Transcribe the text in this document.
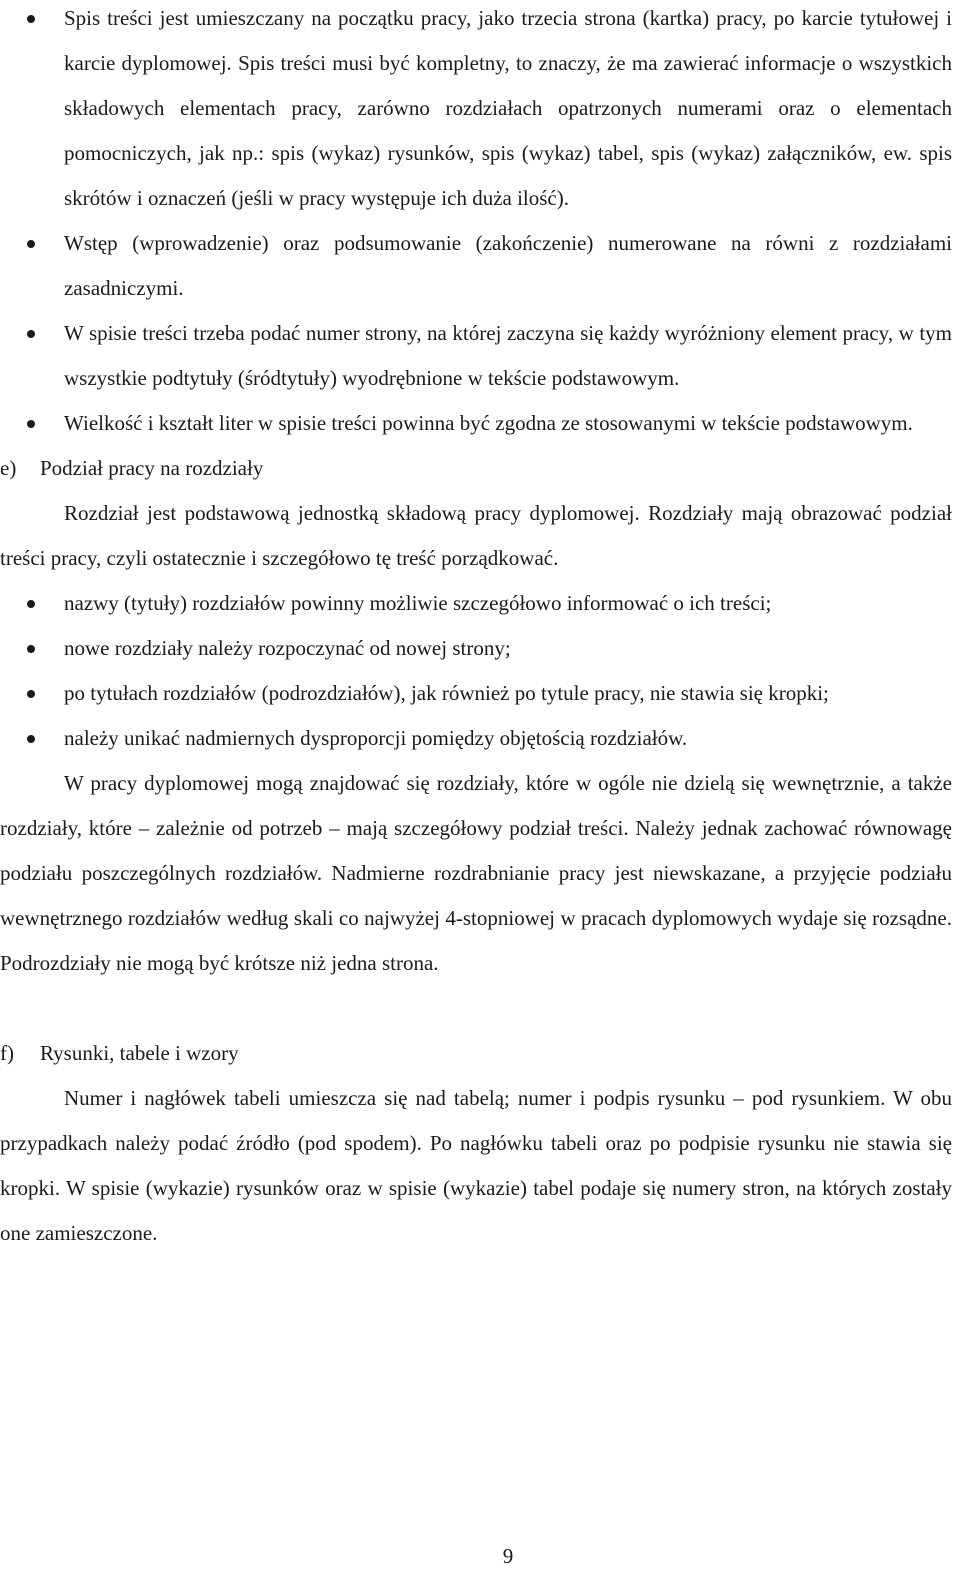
Spis treści jest umieszczany na początku pracy, jako trzecia strona (kartka) pracy, po karcie tytułowej i karcie dyplomowej. Spis treści musi być kompletny, to znaczy, że ma zawierać informacje o wszystkich składowych elementach pracy, zarówno rozdziałach opatrzonych numerami oraz o elementach pomocniczych, jak np.: spis (wykaz) rysunków, spis (wykaz) tabel, spis (wykaz) załączników, ew. spis skrótów i oznaczeń (jeśli w pracy występuje ich duża ilość).
Wstęp (wprowadzenie) oraz podsumowanie (zakończenie) numerowane na równi z rozdziałami zasadniczymi.
W spisie treści trzeba podać numer strony, na której zaczyna się każdy wyróżniony element pracy, w tym wszystkie podtytuły (śródtytuły) wyodrębnione w tekście podstawowym.
Wielkość i kształt liter w spisie treści powinna być zgodna ze stosowanymi w tekście podstawowym.
e)	Podział pracy na rozdziały

Rozdział jest podstawową jednostką składową pracy dyplomowej. Rozdziały mają obrazować podział treści pracy, czyli ostatecznie i szczegółowo tę treść porządkować.

nazwy (tytuły) rozdziałów powinny możliwie szczegółowo informować o ich treści;
nowe rozdziały należy rozpoczynać od nowej strony;
po tytułach rozdziałów (podrozdziałów), jak również po tytule pracy, nie stawia się kropki;
należy unikać nadmiernych dysproporcji pomiędzy objętością rozdziałów.

W pracy dyplomowej mogą znajdować się rozdziały, które w ogóle nie dzielą się wewnętrznie, a także rozdziały, które – zależnie od potrzeb – mają szczegółowy podział treści. Należy jednak zachować równowagę podziału poszczególnych rozdziałów. Nadmierne rozdrabnianie pracy jest niewskazane, a przyjęcie podziału wewnętrznego rozdziałów według skali co najwyżej 4-stopniowej w pracach dyplomowych wydaje się rozsądne. Podrozdziały nie mogą być krótsze niż jedna strona.

f)	Rysunki, tabele i wzory

Numer i nagłówek tabeli umieszcza się nad tabelą; numer i podpis rysunku – pod rysunkiem. W obu przypadkach należy podać źródło (pod spodem). Po nagłówku tabeli oraz po podpisie rysunku nie stawia się kropki. W spisie (wykazie) rysunków oraz w spisie (wykazie) tabel podaje się numery stron, na których zostały one zamieszczone.

9
